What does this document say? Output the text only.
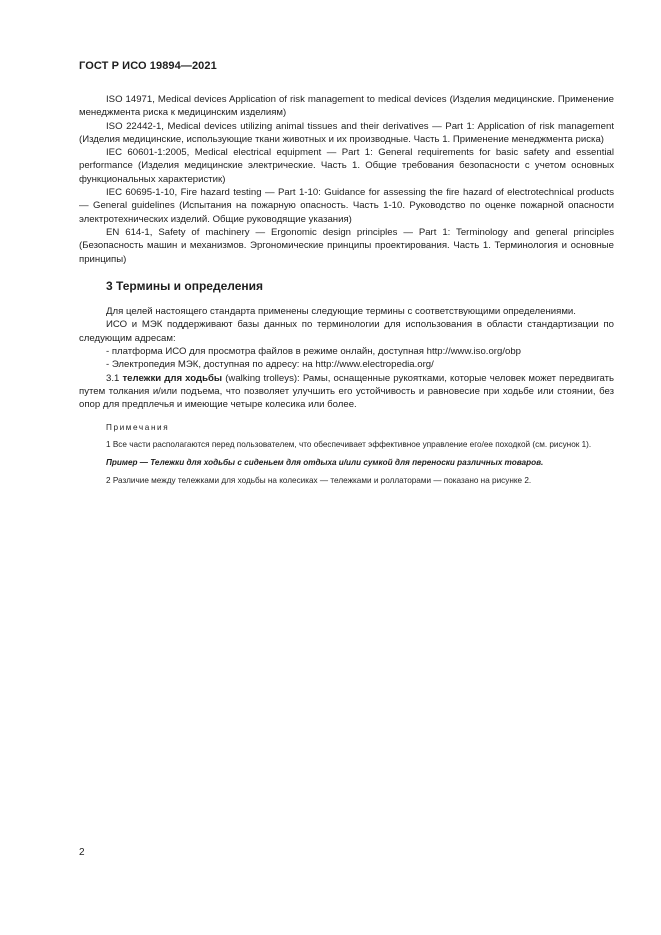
ГОСТ Р ИСО 19894—2021

ISO 14971, Medical devices Application of risk management to medical devices (Изделия медицинские. Применение менеджмента риска к медицинским изделиям)

ISO 22442-1, Medical devices utilizing animal tissues and their derivatives — Part 1: Application of risk management (Изделия медицинские, использующие ткани животных и их производные. Часть 1. Применение менеджмента риска)

IEC 60601-1:2005, Medical electrical equipment — Part 1: General requirements for basic safety and essential performance (Изделия медицинские электрические. Часть 1. Общие требования безопасности с учетом основных функциональных характеристик)

IEC 60695-1-10, Fire hazard testing — Part 1-10: Guidance for assessing the fire hazard of electrotechnical products — General guidelines (Испытания на пожарную опасность. Часть 1-10. Руководство по оценке пожарной опасности электротехнических изделий. Общие руководящие указания)

EN 614-1, Safety of machinery — Ergonomic design principles — Part 1: Terminology and general principles (Безопасность машин и механизмов. Эргономические принципы проектирования. Часть 1. Терминология и основные принципы)

3 Термины и определения

Для целей настоящего стандарта применены следующие термины с соответствующими определениями.

ИСО и МЭК поддерживают базы данных по терминологии для использования в области стандартизации по следующим адресам:

- платформа ИСО для просмотра файлов в режиме онлайн, доступная http://www.iso.org/obp

- Электропедия МЭК, доступная по адресу: на http://www.electropedia.org/

3.1 тележки для ходьбы (walking trolleys): Рамы, оснащенные рукоятками, которые человек может передвигать путем толкания и/или подъема, что позволяет улучшить его устойчивость и равновесие при ходьбе или стоянии, без опор для предплечья и имеющие четыре колесика или более.

Примечания

1 Все части располагаются перед пользователем, что обеспечивает эффективное управление его/ее походкой (см. рисунок 1).

Пример — Тележки для ходьбы с сиденьем для отдыха и/или сумкой для переноски различных товаров.

2 Различие между тележками для ходьбы на колесиках — тележками и роллаторами — показано на рисунке 2.

2
